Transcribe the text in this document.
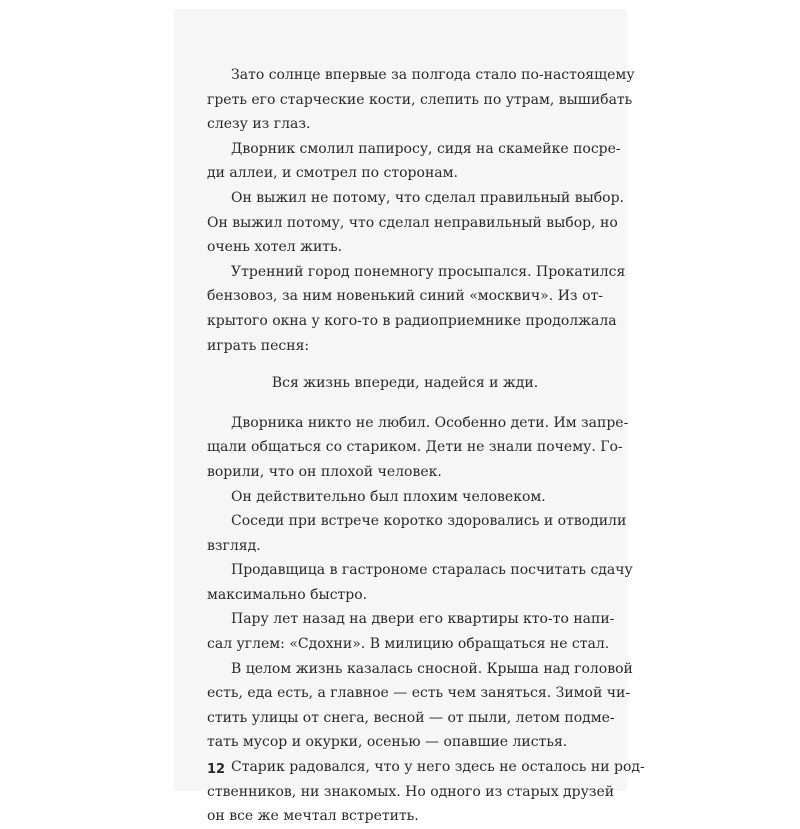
Зато солнце впервые за полгода стало по-настоящему
греть его старческие кости, слепить по утрам, вышибать
слезу из глаз.

Дворник смолил папиросу, сидя на скамейке посре-
ди аллеи, и смотрел по сторонам.

Он выжил не потому, что сделал правильный выбор.
Он выжил потому, что сделал неправильный выбор, но
очень хотел жить.

Утренний город понемногу просыпался. Прокатился
бензовоз, за ним новенький синий «москвич». Из от-
крытого окна у кого-то в радиоприемнике продолжала
играть песня:

Вся жизнь впереди, надейся и жди.

Дворника никто не любил. Особенно дети. Им запре-
щали общаться со стариком. Дети не знали почему. Го-
ворили, что он плохой человек.

Он действительно был плохим человеком.

Соседи при встрече коротко здоровались и отводили
взгляд.

Продавщица в гастрономе старалась посчитать сдачу
максимально быстро.

Пару лет назад на двери его квартиры кто-то напи-
сал углем: «Сдохни». В милицию обращаться не стал.

В целом жизнь казалась сносной. Крыша над головой
есть, еда есть, а главное — есть чем заняться. Зимой чи-
стить улицы от снега, весной — от пыли, летом подме-
тать мусор и окурки, осенью — опавшие листья.

Старик радовался, что у него здесь не осталось ни род-
ственников, ни знакомых. Но одного из старых друзей
он все же мечтал встретить.

12
